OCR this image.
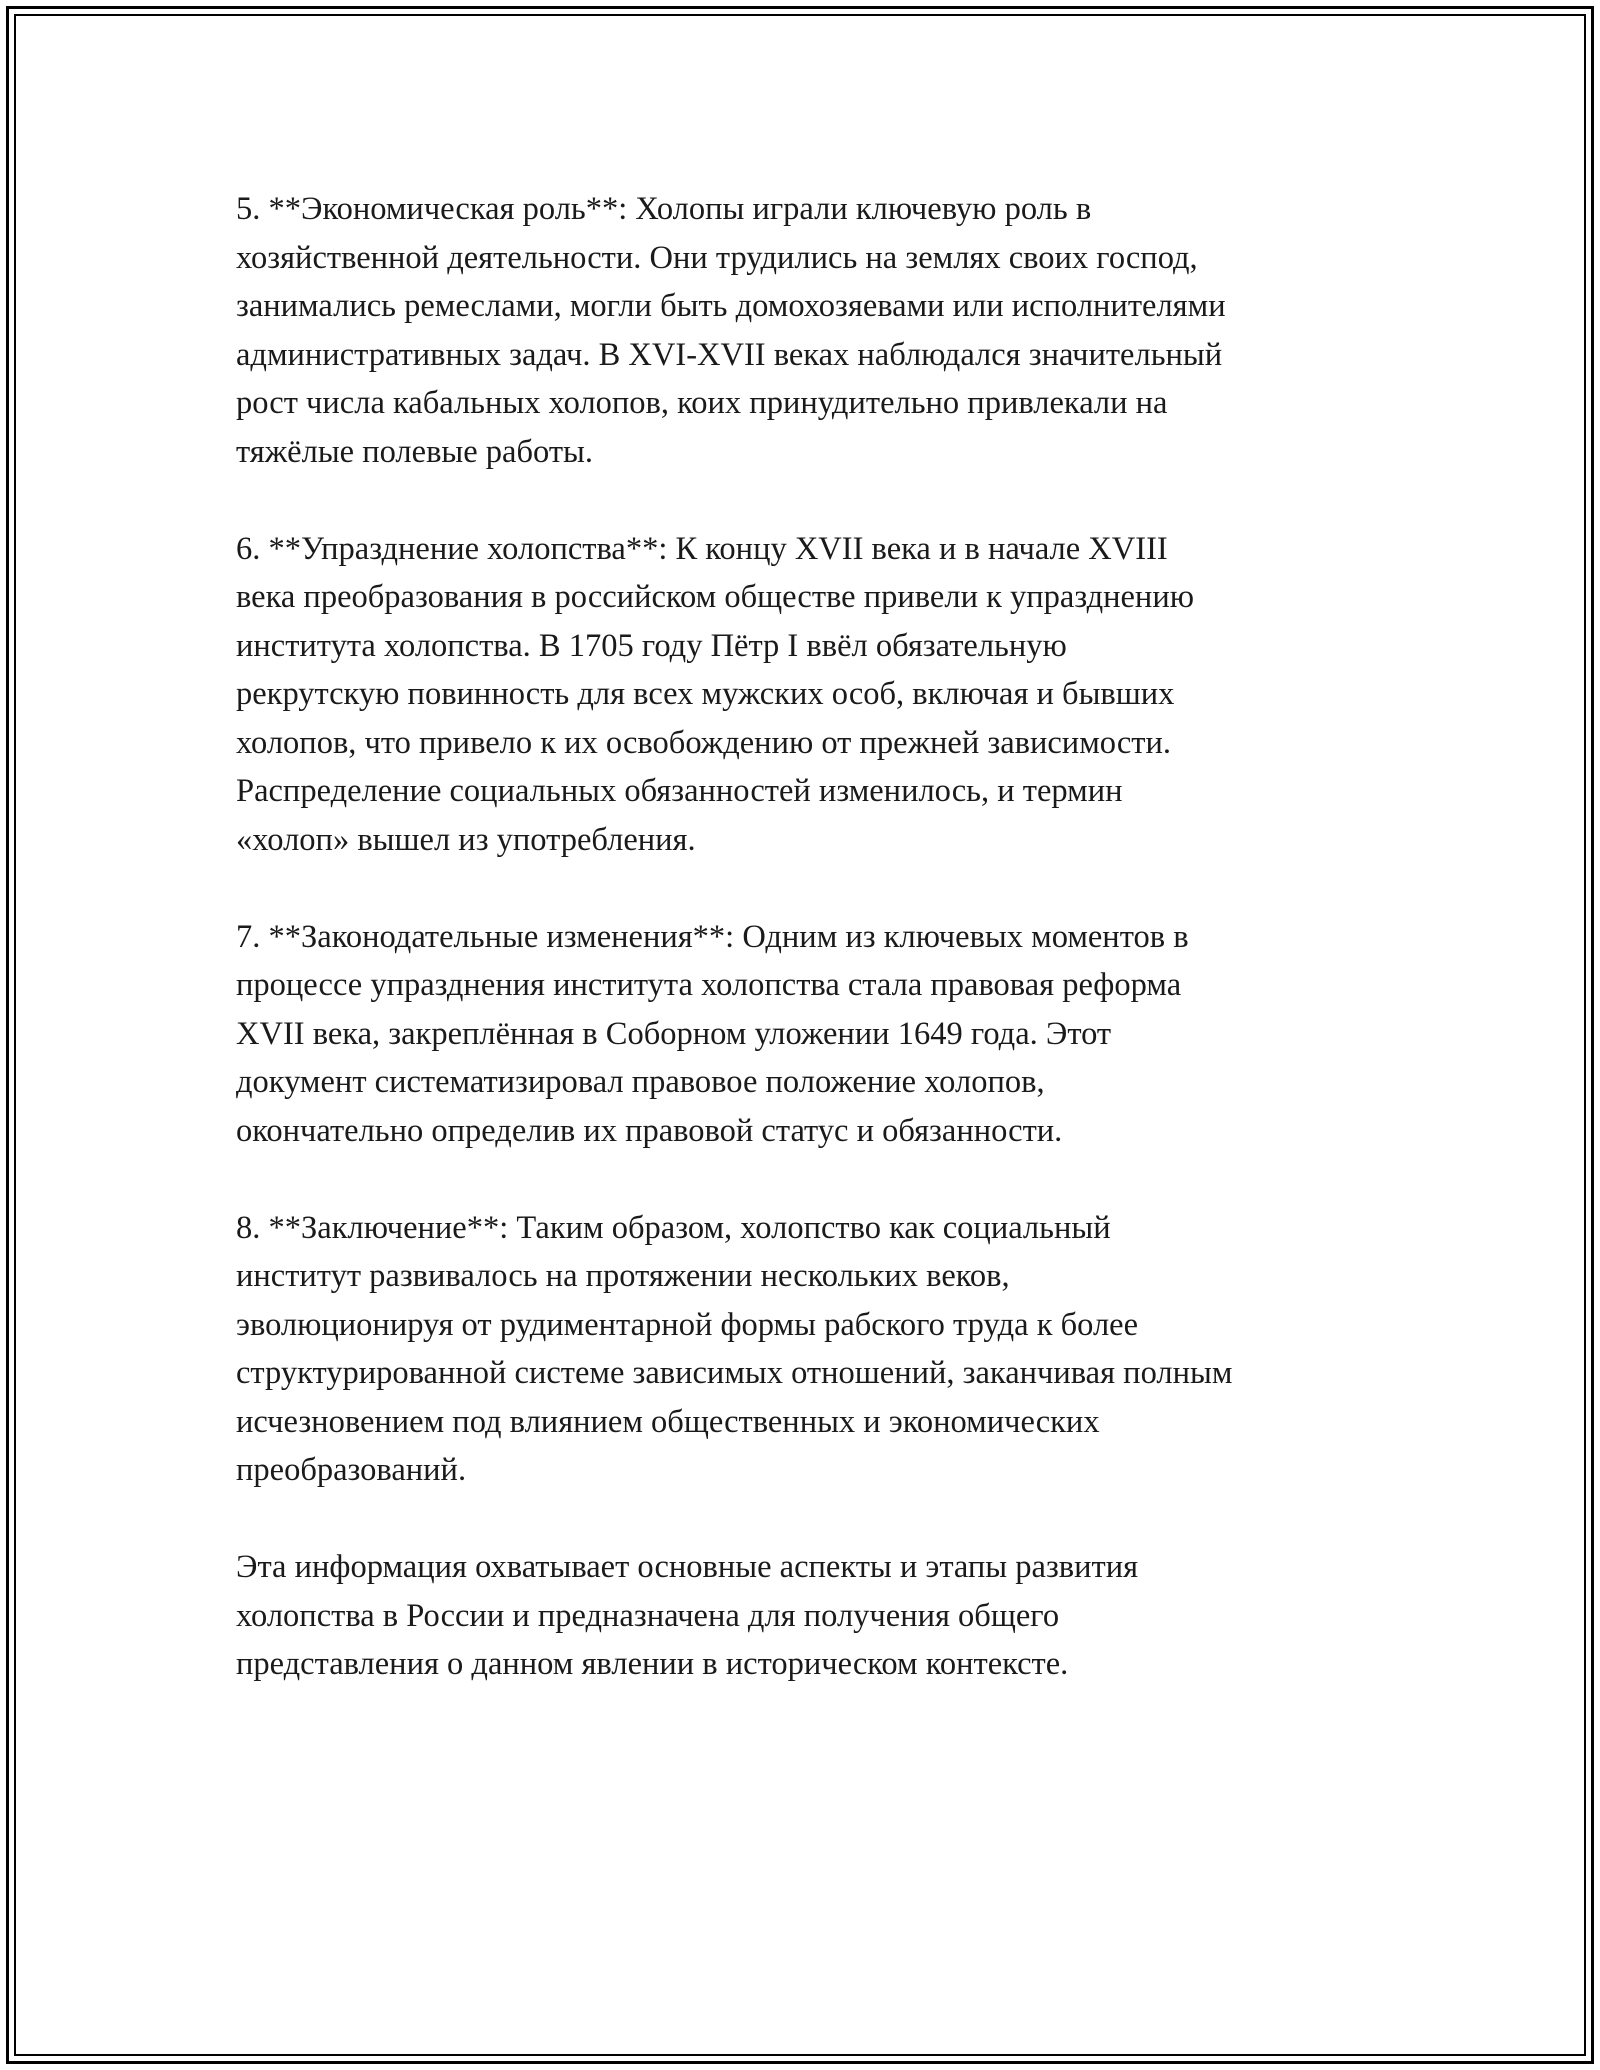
5. **Экономическая роль**: Холопы играли ключевую роль в
хозяйственной деятельности. Они трудились на землях своих господ,
занимались ремеслами, могли быть домохозяевами или исполнителями
административных задач. В XVI-XVII веках наблюдался значительный
рост числа кабальных холопов, коих принудительно привлекали на
тяжёлые полевые работы.

6. **Упразднение холопства**: К концу XVII века и в начале XVIII
века преобразования в российском обществе привели к упразднению
института холопства. В 1705 году Пётр I ввёл обязательную
рекрутскую повинность для всех мужских особ, включая и бывших
холопов, что привело к их освобождению от прежней зависимости.
Распределение социальных обязанностей изменилось, и термин
«холоп» вышел из употребления.

7. **Законодательные изменения**: Одним из ключевых моментов в
процессе упразднения института холопства стала правовая реформа
XVII века, закреплённая в Соборном уложении 1649 года. Этот
документ систематизировал правовое положение холопов,
окончательно определив их правовой статус и обязанности.

8. **Заключение**: Таким образом, холопство как социальный
институт развивалось на протяжении нескольких веков,
эволюционируя от рудиментарной формы рабского труда к более
структурированной системе зависимых отношений, заканчивая полным
исчезновением под влиянием общественных и экономических
преобразований.

Эта информация охватывает основные аспекты и этапы развития
холопства в России и предназначена для получения общего
представления о данном явлении в историческом контексте.
